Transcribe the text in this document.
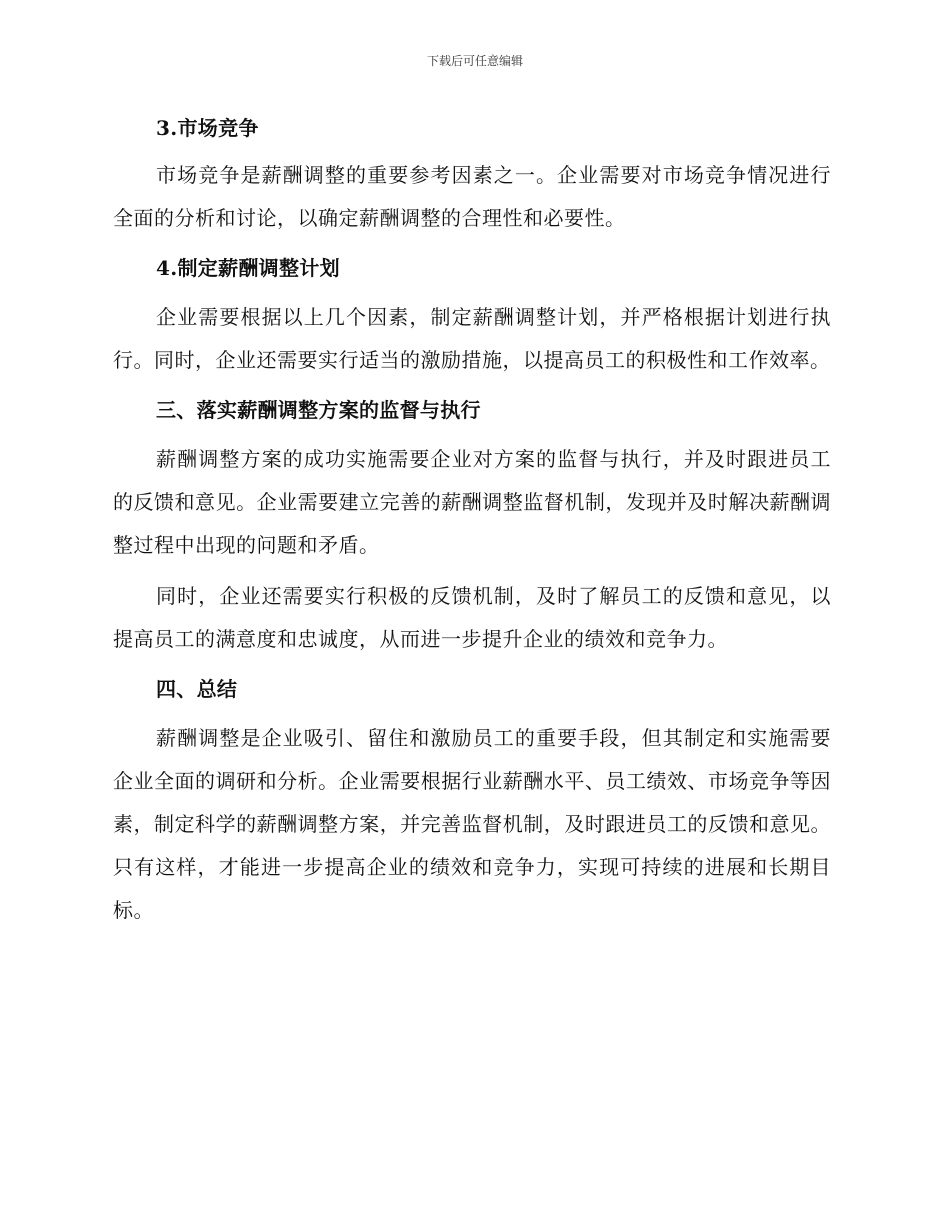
下载后可任意编辑

3.市场竞争

市场竞争是薪酬调整的重要参考因素之一。企业需要对市场竞争情况进行全面的分析和讨论，以确定薪酬调整的合理性和必要性。

4.制定薪酬调整计划

企业需要根据以上几个因素，制定薪酬调整计划，并严格根据计划进行执行。同时，企业还需要实行适当的激励措施，以提高员工的积极性和工作效率。

三、落实薪酬调整方案的监督与执行

薪酬调整方案的成功实施需要企业对方案的监督与执行，并及时跟进员工的反馈和意见。企业需要建立完善的薪酬调整监督机制，发现并及时解决薪酬调整过程中出现的问题和矛盾。

同时，企业还需要实行积极的反馈机制，及时了解员工的反馈和意见，以提高员工的满意度和忠诚度，从而进一步提升企业的绩效和竞争力。

四、总结

薪酬调整是企业吸引、留住和激励员工的重要手段，但其制定和实施需要企业全面的调研和分析。企业需要根据行业薪酬水平、员工绩效、市场竞争等因素，制定科学的薪酬调整方案，并完善监督机制，及时跟进员工的反馈和意见。只有这样，才能进一步提高企业的绩效和竞争力，实现可持续的进展和长期目标。
